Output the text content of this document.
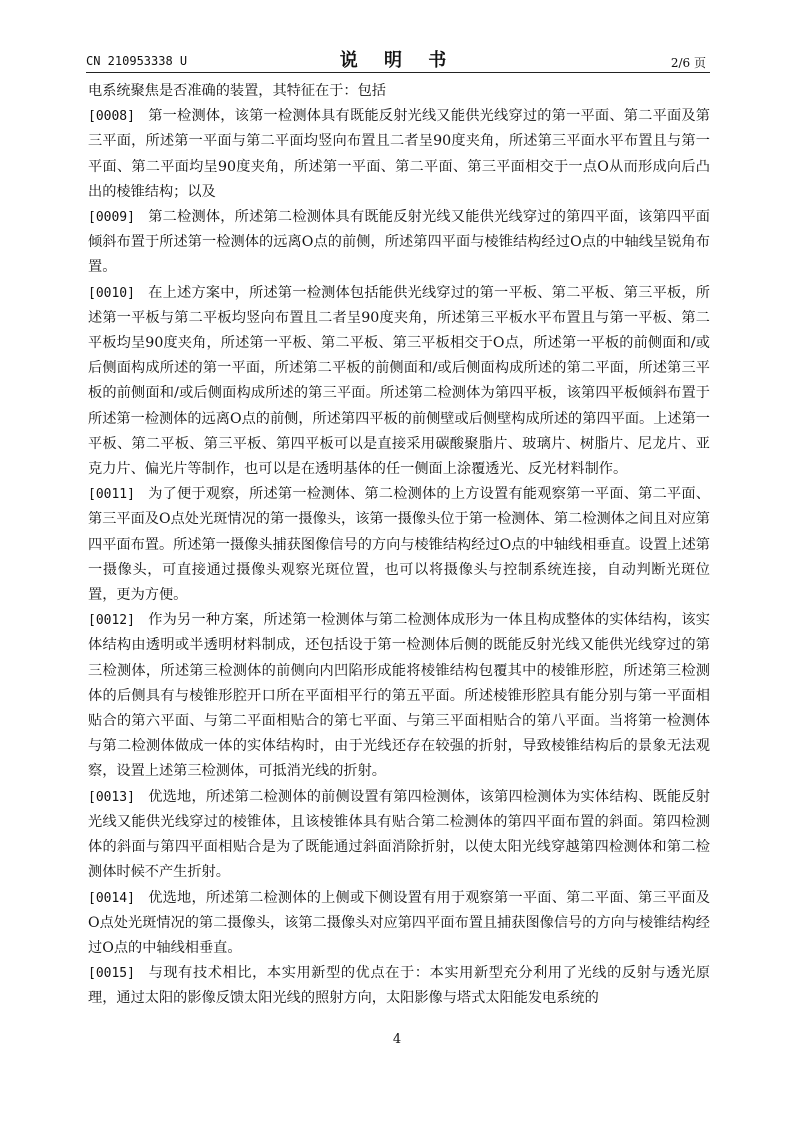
CN 210953338 U	说 明 书	2/6 页

电系统聚焦是否准确的装置，其特征在于：包括

[0008] 第一检测体，该第一检测体具有既能反射光线又能供光线穿过的第一平面、第二平面及第三平面，所述第一平面与第二平面均竖向布置且二者呈90度夹角，所述第三平面水平布置且与第一平面、第二平面均呈90度夹角，所述第一平面、第二平面、第三平面相交于一点O从而形成向后凸出的棱锥结构；以及

[0009] 第二检测体，所述第二检测体具有既能反射光线又能供光线穿过的第四平面，该第四平面倾斜布置于所述第一检测体的远离O点的前侧，所述第四平面与棱锥结构经过O点的中轴线呈锐角布置。

[0010] 在上述方案中，所述第一检测体包括能供光线穿过的第一平板、第二平板、第三平板，所述第一平板与第二平板均竖向布置且二者呈90度夹角，所述第三平板水平布置且与第一平板、第二平板均呈90度夹角，所述第一平板、第二平板、第三平板相交于O点，所述第一平板的前侧面和/或后侧面构成所述的第一平面，所述第二平板的前侧面和/或后侧面构成所述的第二平面，所述第三平板的前侧面和/或后侧面构成所述的第三平面。所述第二检测体为第四平板，该第四平板倾斜布置于所述第一检测体的远离O点的前侧，所述第四平板的前侧壁或后侧壁构成所述的第四平面。上述第一平板、第二平板、第三平板、第四平板可以是直接采用碳酸聚脂片、玻璃片、树脂片、尼龙片、亚克力片、偏光片等制作，也可以是在透明基体的任一侧面上涂覆透光、反光材料制作。

[0011] 为了便于观察，所述第一检测体、第二检测体的上方设置有能观察第一平面、第二平面、第三平面及O点处光斑情况的第一摄像头，该第一摄像头位于第一检测体、第二检测体之间且对应第四平面布置。所述第一摄像头捕获图像信号的方向与棱锥结构经过O点的中轴线相垂直。设置上述第一摄像头，可直接通过摄像头观察光斑位置，也可以将摄像头与控制系统连接，自动判断光斑位置，更为方便。

[0012] 作为另一种方案，所述第一检测体与第二检测体成形为一体且构成整体的实体结构，该实体结构由透明或半透明材料制成，还包括设于第一检测体后侧的既能反射光线又能供光线穿过的第三检测体，所述第三检测体的前侧向内凹陷形成能将棱锥结构包覆其中的棱锥形腔，所述第三检测体的后侧具有与棱锥形腔开口所在平面相平行的第五平面。所述棱锥形腔具有能分别与第一平面相贴合的第六平面、与第二平面相贴合的第七平面、与第三平面相贴合的第八平面。当将第一检测体与第二检测体做成一体的实体结构时，由于光线还存在较强的折射，导致棱锥结构后的景象无法观察，设置上述第三检测体，可抵消光线的折射。

[0013] 优选地，所述第二检测体的前侧设置有第四检测体，该第四检测体为实体结构、既能反射光线又能供光线穿过的棱锥体，且该棱锥体具有贴合第二检测体的第四平面布置的斜面。第四检测体的斜面与第四平面相贴合是为了既能通过斜面消除折射，以使太阳光线穿越第四检测体和第二检测体时候不产生折射。

[0014] 优选地，所述第二检测体的上侧或下侧设置有用于观察第一平面、第二平面、第三平面及O点处光斑情况的第二摄像头，该第二摄像头对应第四平面布置且捕获图像信号的方向与棱锥结构经过O点的中轴线相垂直。

[0015] 与现有技术相比，本实用新型的优点在于：本实用新型充分利用了光线的反射与透光原理，通过太阳的影像反馈太阳光线的照射方向，太阳影像与塔式太阳能发电系统的

4
